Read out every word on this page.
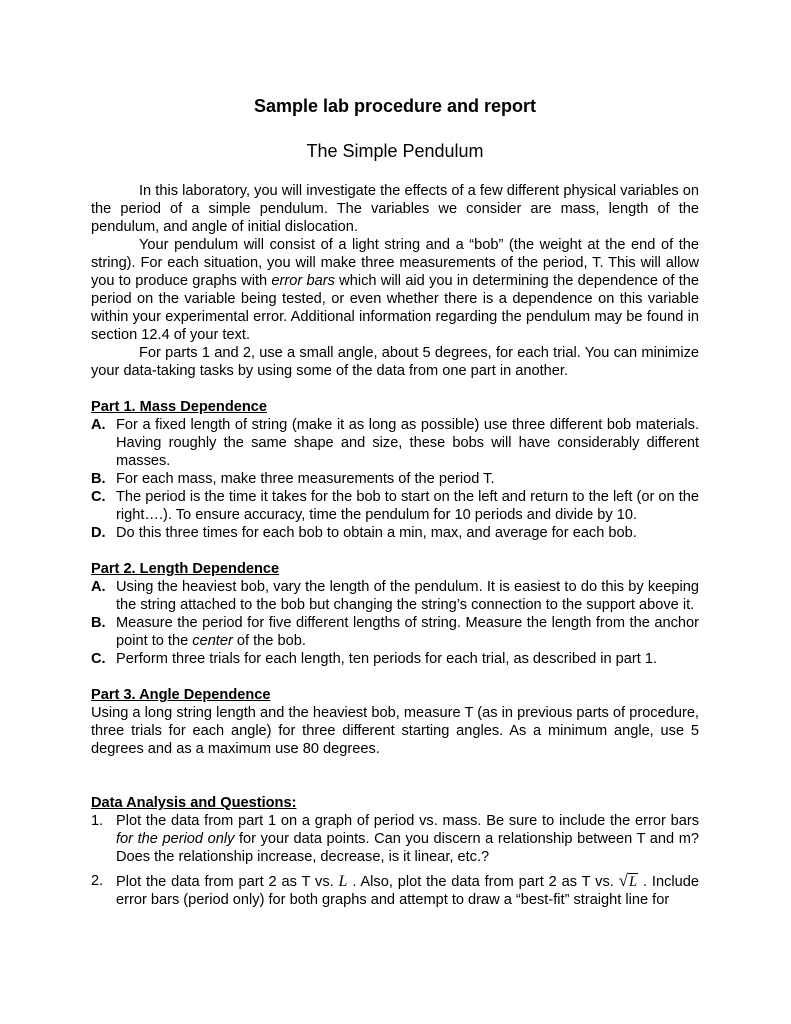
Sample lab procedure and report
The Simple Pendulum

In this laboratory, you will investigate the effects of a few different physical variables on the period of a simple pendulum. The variables we consider are mass, length of the pendulum, and angle of initial dislocation.

Your pendulum will consist of a light string and a “bob” (the weight at the end of the string). For each situation, you will make three measurements of the period, T. This will allow you to produce graphs with error bars which will aid you in determining the dependence of the period on the variable being tested, or even whether there is a dependence on this variable within your experimental error. Additional information regarding the pendulum may be found in section 12.4 of your text.

For parts 1 and 2, use a small angle, about 5 degrees, for each trial. You can minimize your data-taking tasks by using some of the data from one part in another.

Part 1. Mass Dependence
A. For a fixed length of string (make it as long as possible) use three different bob materials. Having roughly the same shape and size, these bobs will have considerably different masses.
B. For each mass, make three measurements of the period T.
C. The period is the time it takes for the bob to start on the left and return to the left (or on the right….). To ensure accuracy, time the pendulum for 10 periods and divide by 10.
D. Do this three times for each bob to obtain a min, max, and average for each bob.
Part 2. Length Dependence
A. Using the heaviest bob, vary the length of the pendulum. It is easiest to do this by keeping the string attached to the bob but changing the string’s connection to the support above it.
B. Measure the period for five different lengths of string. Measure the length from the anchor point to the center of the bob.
C. Perform three trials for each length, ten periods for each trial, as described in part 1.
Part 3. Angle Dependence

Using a long string length and the heaviest bob, measure T (as in previous parts of procedure, three trials for each angle) for three different starting angles. As a minimum angle, use 5 degrees and as a maximum use 80 degrees.

Data Analysis and Questions:
1. Plot the data from part 1 on a graph of period vs. mass. Be sure to include the error bars for the period only for your data points. Can you discern a relationship between T and m? Does the relationship increase, decrease, is it linear, etc.?
2. Plot the data from part 2 as T vs. L . Also, plot the data from part 2 as T vs. √L . Include error bars (period only) for both graphs and attempt to draw a “best-fit” straight line for
